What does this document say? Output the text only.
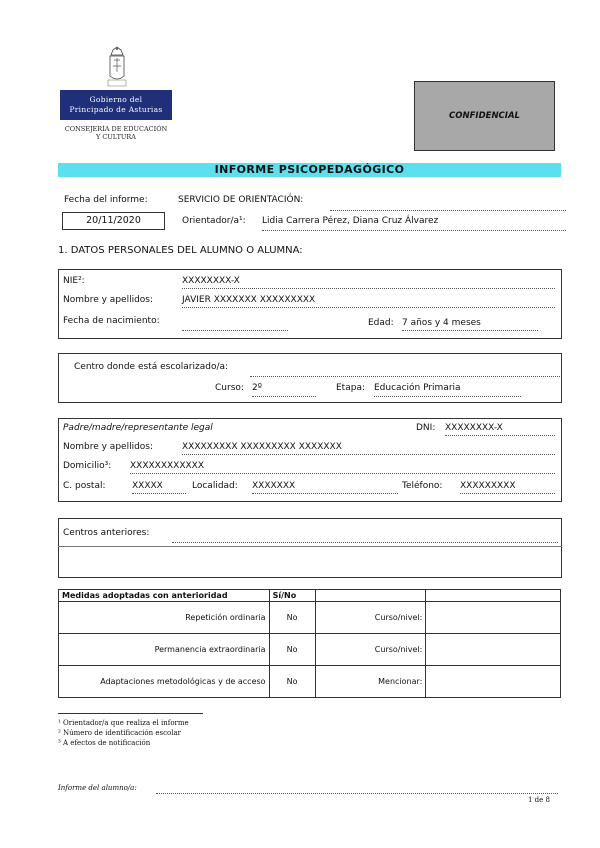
Gobierno del
Principado de Asturias
CONSEJERÍA DE EDUCACIÓN
Y CULTURA
CONFIDENCIAL
INFORME PSICOPEDAGÓGICO
Fecha del informe:	SERVICIO DE ORIENTACIÓN:
20/11/2020	Orientador/a¹: Lidia Carrera Pérez, Diana Cruz Álvarez
1. DATOS PERSONALES DEL ALUMNO O ALUMNA:
NIE²:	XXXXXXXX-X
Nombre y apellidos:	JAVIER XXXXXXX XXXXXXXXX
Fecha de nacimiento:	Edad: 7 años y 4 meses
Centro donde está escolarizado/a:
Curso: 2º	Etapa: Educación Primaria
Padre/madre/representante legal	DNI: XXXXXXXX-X
Nombre y apellidos:	XXXXXXXXX XXXXXXXXX XXXXXXX
Domicilio³: XXXXXXXXXXXX
C. postal:	XXXXX	Localidad: XXXXXXX	Teléfono: XXXXXXXXX
Centros anteriores:
Medidas adoptadas con anterioridad	Sí/No		
Repetición ordinaria	No	Curso/nivel:	
Permanencia extraordinaria	No	Curso/nivel:	
Adaptaciones metodológicas y de acceso	No	Mencionar:	
¹ Orientador/a que realiza el informe
² Número de identificación escolar
³ A efectos de notificación
Informe del alumno/a:
1 de 8
